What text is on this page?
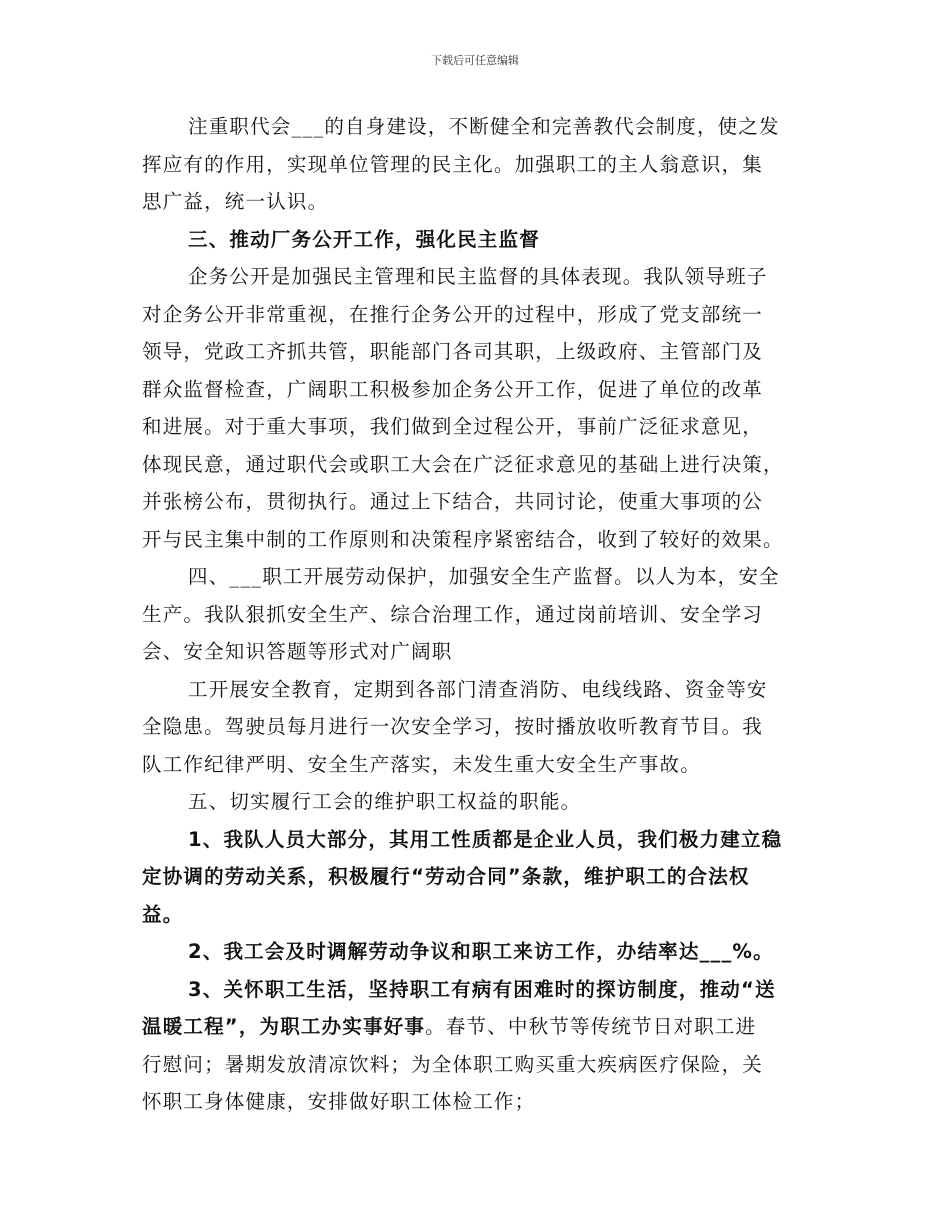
下载后可任意编辑

注重职代会___的自身建设，不断健全和完善教代会制度，使之发
挥应有的作用，实现单位管理的民主化。加强职工的主人翁意识，集
思广益，统一认识。

三、推动厂务公开工作，强化民主监督

企务公开是加强民主管理和民主监督的具体表现。我队领导班子
对企务公开非常重视，在推行企务公开的过程中，形成了党支部统一
领导，党政工齐抓共管，职能部门各司其职，上级政府、主管部门及
群众监督检查，广阔职工积极参加企务公开工作，促进了单位的改革
和进展。对于重大事项，我们做到全过程公开，事前广泛征求意见，
体现民意，通过职代会或职工大会在广泛征求意见的基础上进行决策，
并张榜公布，贯彻执行。通过上下结合，共同讨论，使重大事项的公
开与民主集中制的工作原则和决策程序紧密结合，收到了较好的效果。

四、___职工开展劳动保护，加强安全生产监督。以人为本，安全
生产。我队狠抓安全生产、综合治理工作，通过岗前培训、安全学习
会、安全知识答题等形式对广阔职

工开展安全教育，定期到各部门清查消防、电线线路、资金等安
全隐患。驾驶员每月进行一次安全学习，按时播放收听教育节目。我
队工作纪律严明、安全生产落实，未发生重大安全生产事故。

五、切实履行工会的维护职工权益的职能。

1、我队人员大部分，其用工性质都是企业人员，我们极力建立稳
定协调的劳动关系，积极履行“劳动合同”条款，维护职工的合法权
益。

2、我工会及时调解劳动争议和职工来访工作，办结率达___%。

3、关怀职工生活，坚持职工有病有困难时的探访制度，推动“送
温暖工程”，为职工办实事好事。春节、中秋节等传统节日对职工进
行慰问；暑期发放清凉饮料；为全体职工购买重大疾病医疗保险，关
怀职工身体健康，安排做好职工体检工作；
